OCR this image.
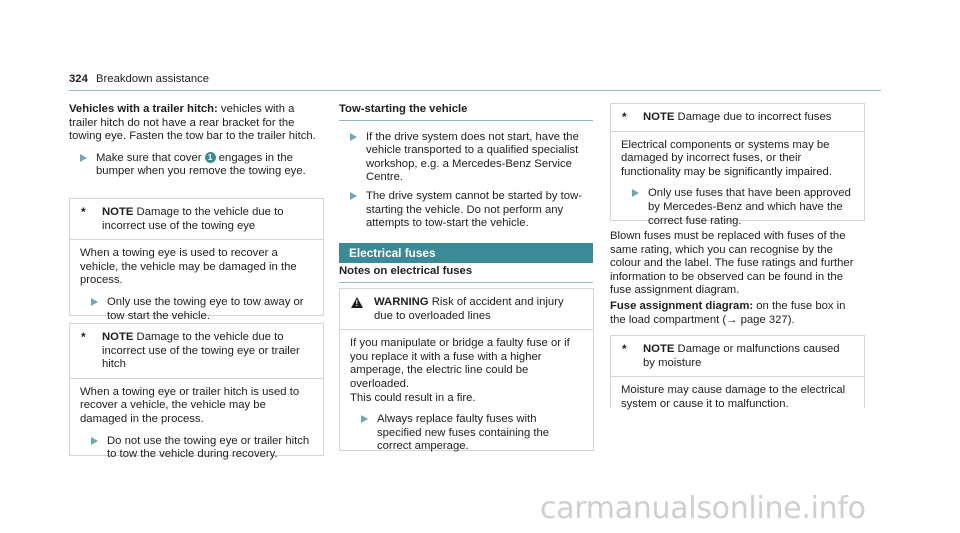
324 Breakdown assistance

Vehicles with a trailer hitch: vehicles with a trailer hitch do not have a rear bracket for the towing eye. Fasten the tow bar to the trailer hitch.

Make sure that cover 1 engages in the bumper when you remove the towing eye.
*	NOTE Damage to the vehicle due to incorrect use of the towing eye

When a towing eye is used to recover a vehicle, the vehicle may be damaged in the process.

Only use the towing eye to tow away or tow start the vehicle.
*	NOTE Damage to the vehicle due to incorrect use of the towing eye or trailer hitch

When a towing eye or trailer hitch is used to recover a vehicle, the vehicle may be damaged in the process.

Do not use the towing eye or trailer hitch to tow the vehicle during recovery.
Tow-starting the vehicle
If the drive system does not start, have the vehicle transported to a qualified specialist workshop, e.g. a Mercedes-Benz Service Centre.
The drive system cannot be started by tow-starting the vehicle. Do not perform any attempts to tow-start the vehicle.
Electrical fuses
Notes on electrical fuses
!	WARNING Risk of accident and injury due to overloaded lines

If you manipulate or bridge a faulty fuse or if you replace it with a fuse with a higher amperage, the electric line could be overloaded.

This could result in a fire.

Always replace faulty fuses with specified new fuses containing the correct amperage.
*	NOTE Damage due to incorrect fuses

Electrical components or systems may be damaged by incorrect fuses, or their functionality may be significantly impaired.

Only use fuses that have been approved by Mercedes-Benz and which have the correct fuse rating.

Blown fuses must be replaced with fuses of the same rating, which you can recognise by the colour and the label. The fuse ratings and further information to be observed can be found in the fuse assignment diagram.

Fuse assignment diagram: on the fuse box in the load compartment (→ page 327).

*	NOTE Damage or malfunctions caused by moisture

Moisture may cause damage to the electrical system or cause it to malfunction.

carmanualsonline.info
